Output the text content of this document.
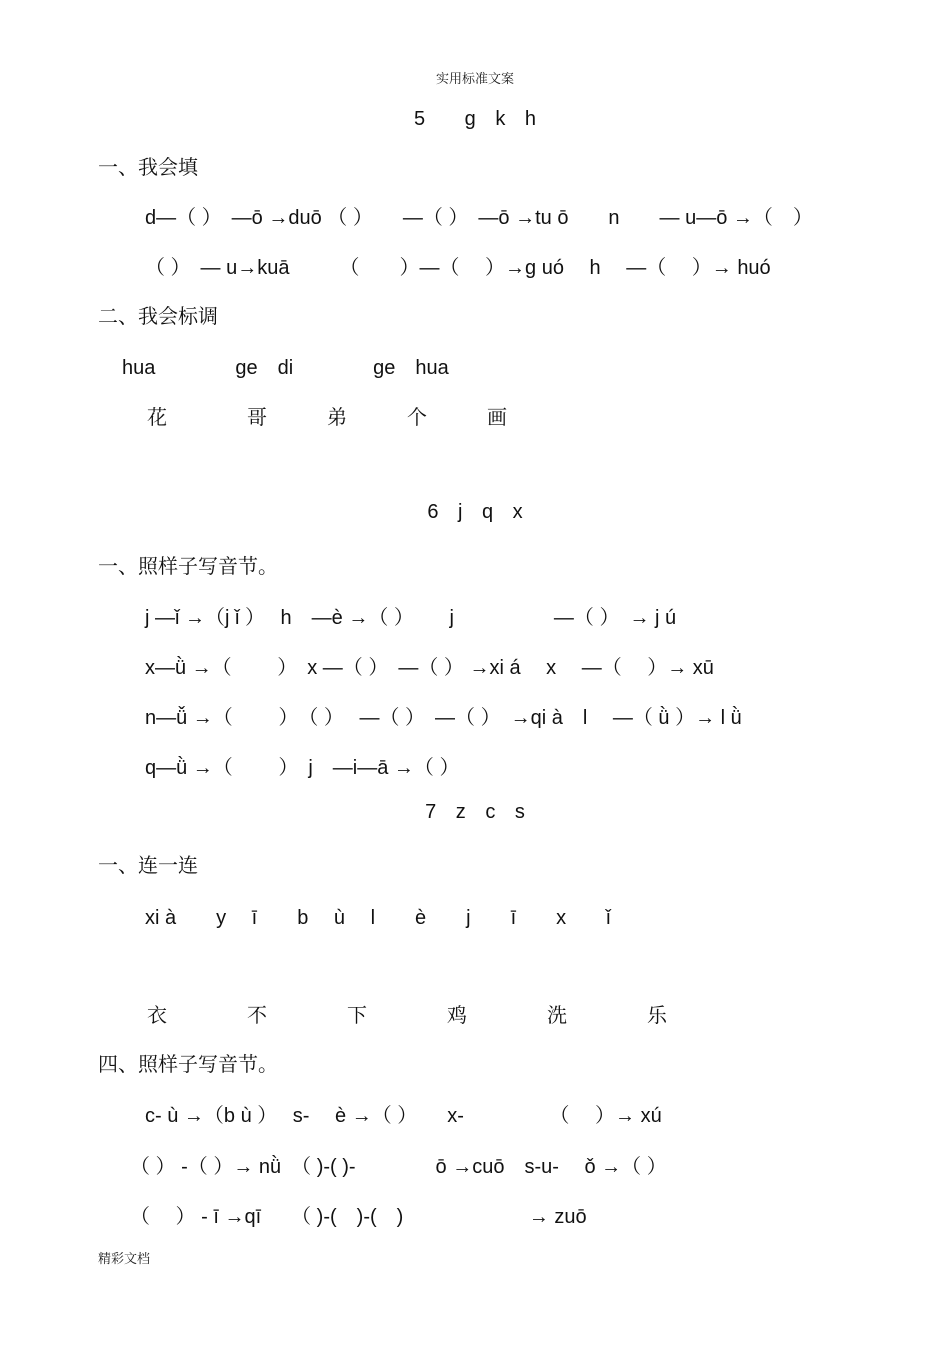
实用标准文案
5　 g k h
一、我会填
d—（ ）　—ō →duō （ ）　　—（ ）　—ō →tu ō　　n　　— u—ō →（　）
（ ）　— u→kuā　　　（　　）—（　 ）→g uó　 h　 —（　 ）→ huó
二、我会标调
hua　　　　ge　di　　　　ge　hua
花　　　　哥　　　弟　　　个　　　画
6 j q x
一、照样子写音节。
j —ǐ →（j ǐ ）　 h　—è →（ ）　　 j　　　　　—（ ）　→ j ú
x—ǜ →（　　 ）　x —（ ）　—（ ） →xi á　 x　 —（　 ）→ xū
n—ǚ →（　　 ）　（ ）　 —（ ）　—（ ）　→qi à　l　 —（ ǜ ）→ l ǜ
q—ǜ →（　　 ）　j　—i—ā →（ ）
7 z c s
一、连一连
xi à　　y　 ī　　b　 ù　 l　　è　　j　　ī　　x　　ǐ
衣　　　　不　　　　下　　　　鸡　　　　洗　　　　乐
四、照样子写音节。
c- ù →（b ù ）　 s-　 è →（ ）　　x-　　　　 （　 ）→ xú
（ ） -（ ）→ nǜ　（ )-( )-　　　　ō →cuō　s-u-　 ǒ →（ ）
（　 ） - ī →qī　　（ )-(　)-(　)　　　　　　 → zuō
精彩文档
